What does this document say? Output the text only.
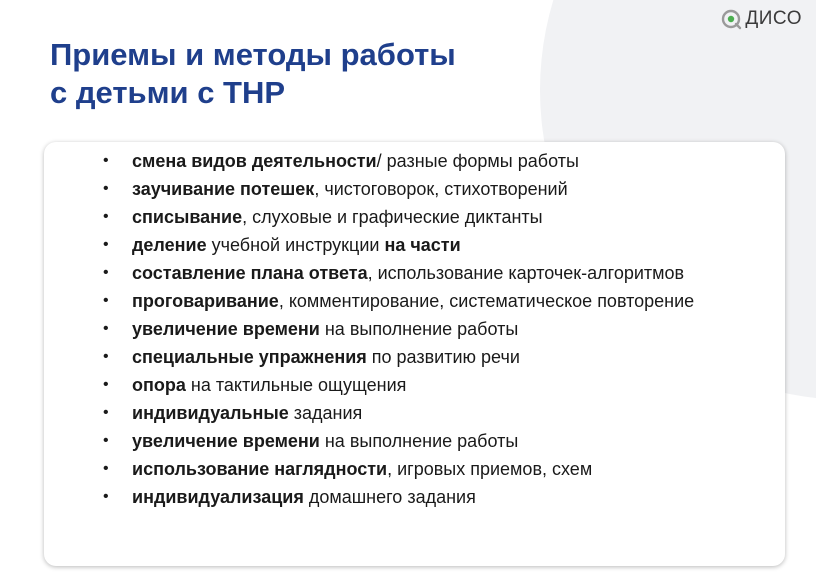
ДИСО
Приемы и методы работы
с детьми с ТНР
• смена видов деятельности/ разные формы работы
• заучивание потешек, чистоговорок, стихотворений
• списывание, слуховые и графические диктанты
• деление учебной инструкции на части
• составление плана ответа, использование карточек-алгоритмов
• проговаривание, комментирование, систематическое повторение
• увеличение времени на выполнение работы
• специальные упражнения по развитию речи
• опора на тактильные ощущения
• индивидуальные задания
• увеличение времени на выполнение работы
• использование наглядности, игровых приемов, схем
• индивидуализация домашнего задания
